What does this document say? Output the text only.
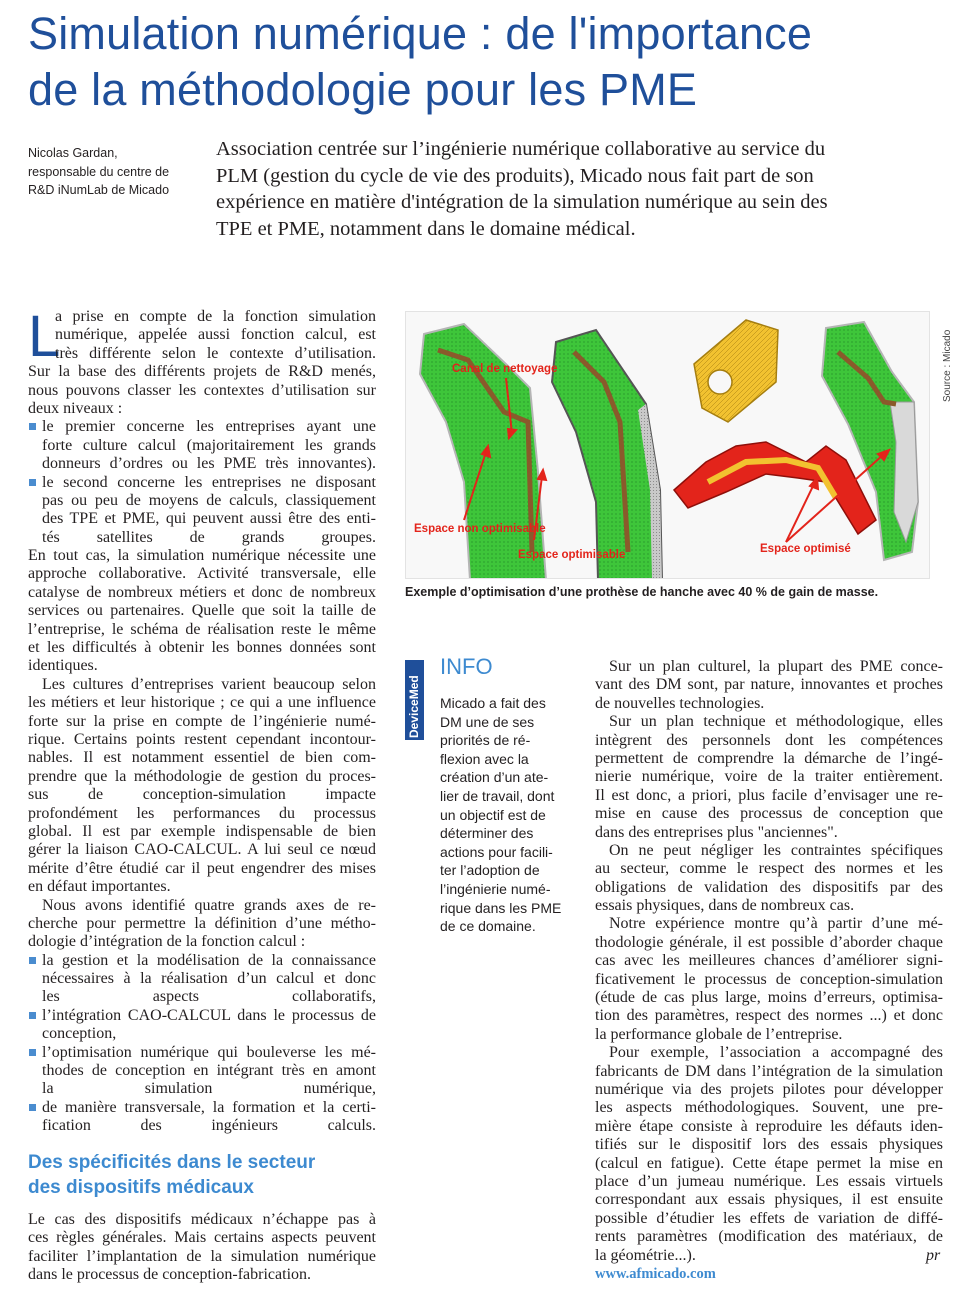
Simulation numérique : de l'importance
de la méthodologie pour les PME
Nicolas Gardan,
responsable du centre de
R&D iNumLab de Micado
Association centrée sur l’ingénierie numérique collaborative au service du
PLM (gestion du cycle de vie des produits), Micado nous fait part de son
expérience en matière d'intégration de la simulation numérique au sein des
TPE et PME, notamment dans le domaine médical.
L
a prise en compte de la fonction simulation
numérique, appelée aussi fonction calcul, est
très différente selon le contexte d’utilisation.
Sur la base des différents projets de R&D menés,
nous pouvons classer les contextes d’utilisation sur
deux niveaux :
le premier concerne les entreprises ayant une
forte culture calcul (majoritairement les grands
donneurs d’ordres ou les PME très innovantes).
le second concerne les entreprises ne disposant
pas ou peu de moyens de calculs, classiquement
des TPE et PME, qui peuvent aussi être des enti-
tés satellites de grands groupes.
En tout cas, la simulation numérique nécessite une
approche collaborative. Activité transversale, elle
catalyse de nombreux métiers et donc de nombreux
services ou partenaires. Quelle que soit la taille de
l’entreprise, le schéma de réalisation reste le même
et les difficultés à obtenir les bonnes données sont
identiques.
Les cultures d’entreprises varient beaucoup selon
les métiers et leur historique ; ce qui a une influence
forte sur la prise en compte de l’ingénierie numé-
rique. Certains points restent cependant incontour-
nables. Il est notamment essentiel de bien com-
prendre que la méthodologie de gestion du proces-
sus de conception-simulation impacte
profondément les performances du processus
global. Il est par exemple indispensable de bien
gérer la liaison CAO-CALCUL. A lui seul ce nœud
mérite d’être étudié car il peut engendrer des mises
en défaut importantes.
Nous avons identifié quatre grands axes de re-
cherche pour permettre la définition d’une métho-
dologie d’intégration de la fonction calcul :
la gestion et la modélisation de la connaissance
nécessaires à la réalisation d’un calcul et donc
les aspects collaboratifs,
l’intégration CAO-CALCUL dans le processus de
conception,
l’optimisation numérique qui bouleverse les mé-
thodes de conception en intégrant très en amont
la simulation numérique,
de manière transversale, la formation et la certi-
fication des ingénieurs calculs.
Des spécificités dans le secteur
des dispositifs médicaux
Le cas des dispositifs médicaux n’échappe pas à
ces règles générales. Mais certains aspects peuvent
faciliter l’implantation de la simulation numérique
dans le processus de conception-fabrication.
Canal de nettoyage
Espace non optimisable
Espace optimisable	Espace optimisé
Source : Micado
Exemple d’optimisation d’une prothèse de hanche avec 40 % de gain de masse.
DeviceMed
INFO
Micado a fait des
DM une de ses
priorités de ré-
flexion avec la
création d’un ate-
lier de travail, dont
un objectif est de
déterminer des
actions pour facili-
ter l’adoption de
l’ingénierie numé-
rique dans les PME
de ce domaine.
Sur un plan culturel, la plupart des PME conce-
vant des DM sont, par nature, innovantes et proches
de nouvelles technologies.
Sur un plan technique et méthodologique, elles
intègrent des personnels dont les compétences
permettent de comprendre la démarche de l’ingé-
nierie numérique, voire de la traiter entièrement.
Il est donc, a priori, plus facile d’envisager une re-
mise en cause des processus de conception que
dans des entreprises plus "anciennes".
On ne peut négliger les contraintes spécifiques
au secteur, comme le respect des normes et les
obligations de validation des dispositifs par des
essais physiques, dans de nombreux cas.
Notre expérience montre qu’à partir d’une mé-
thodologie générale, il est possible d’aborder chaque
cas avec les meilleures chances d’améliorer signi-
ficativement le processus de conception-simulation
(étude de cas plus large, moins d’erreurs, optimisa-
tion des paramètres, respect des normes ...) et donc
la performance globale de l’entreprise.
Pour exemple, l’association a accompagné des
fabricants de DM dans l’intégration de la simulation
numérique via des projets pilotes pour développer
les aspects méthodologiques. Souvent, une pre-
mière étape consiste à reproduire les défauts iden-
tifiés sur le dispositif lors des essais physiques
(calcul en fatigue). Cette étape permet la mise en
place d’un jumeau numérique. Les essais virtuels
correspondant aux essais physiques, il est ensuite
possible d’étudier les effets de variation de diffé-
rents paramètres (modification des matériaux, de
la géométrie...).	pr
www.afmicado.com
